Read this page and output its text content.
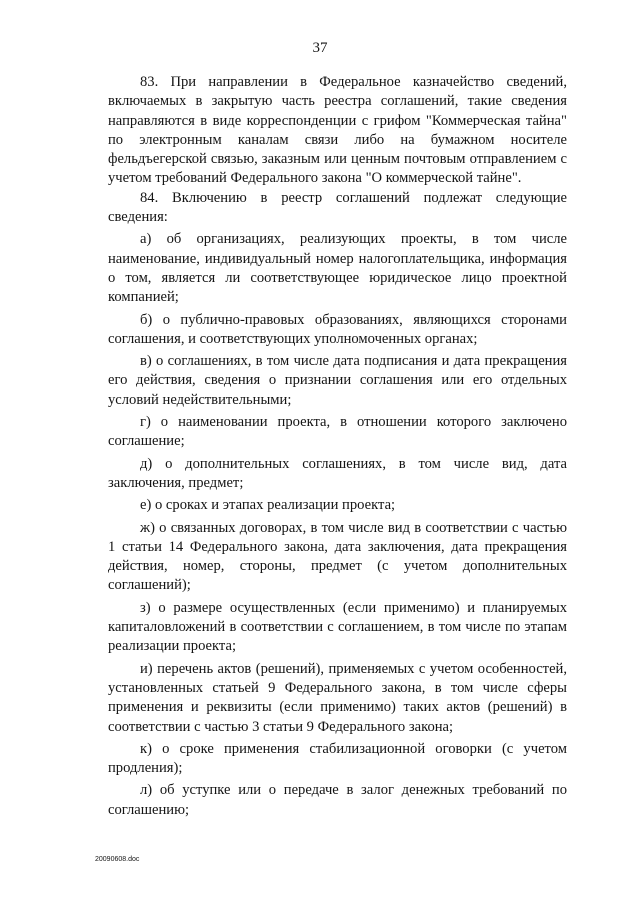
37

83. При направлении в Федеральное казначейство сведений, включаемых в закрытую часть реестра соглашений, такие сведения направляются в виде корреспонденции с грифом "Коммерческая тайна" по электронным каналам связи либо на бумажном носителе фельдъегерской связью, заказным или ценным почтовым отправлением с учетом требований Федерального закона "О коммерческой тайне".

84. Включению в реестр соглашений подлежат следующие сведения:

а) об организациях, реализующих проекты, в том числе наименование, индивидуальный номер налогоплательщика, информация о том, является ли соответствующее юридическое лицо проектной компанией;

б) о публично-правовых образованиях, являющихся сторонами соглашения, и соответствующих уполномоченных органах;

в) о соглашениях, в том числе дата подписания и дата прекращения его действия, сведения о признании соглашения или его отдельных условий недействительными;

г) о наименовании проекта, в отношении которого заключено соглашение;

д) о дополнительных соглашениях, в том числе вид, дата заключения, предмет;

е) о сроках и этапах реализации проекта;

ж) о связанных договорах, в том числе вид в соответствии с частью 1 статьи 14 Федерального закона, дата заключения, дата прекращения действия, номер, стороны, предмет (с учетом дополнительных соглашений);

з) о размере осуществленных (если применимо) и планируемых капиталовложений в соответствии с соглашением, в том числе по этапам реализации проекта;

и) перечень актов (решений), применяемых с учетом особенностей, установленных статьей 9 Федерального закона, в том числе сферы применения и реквизиты (если применимо) таких актов (решений) в соответствии с частью 3 статьи 9 Федерального закона;

к) о сроке применения стабилизационной оговорки (с учетом продления);

л) об уступке или о передаче в залог денежных требований по соглашению;

20090608.doc
